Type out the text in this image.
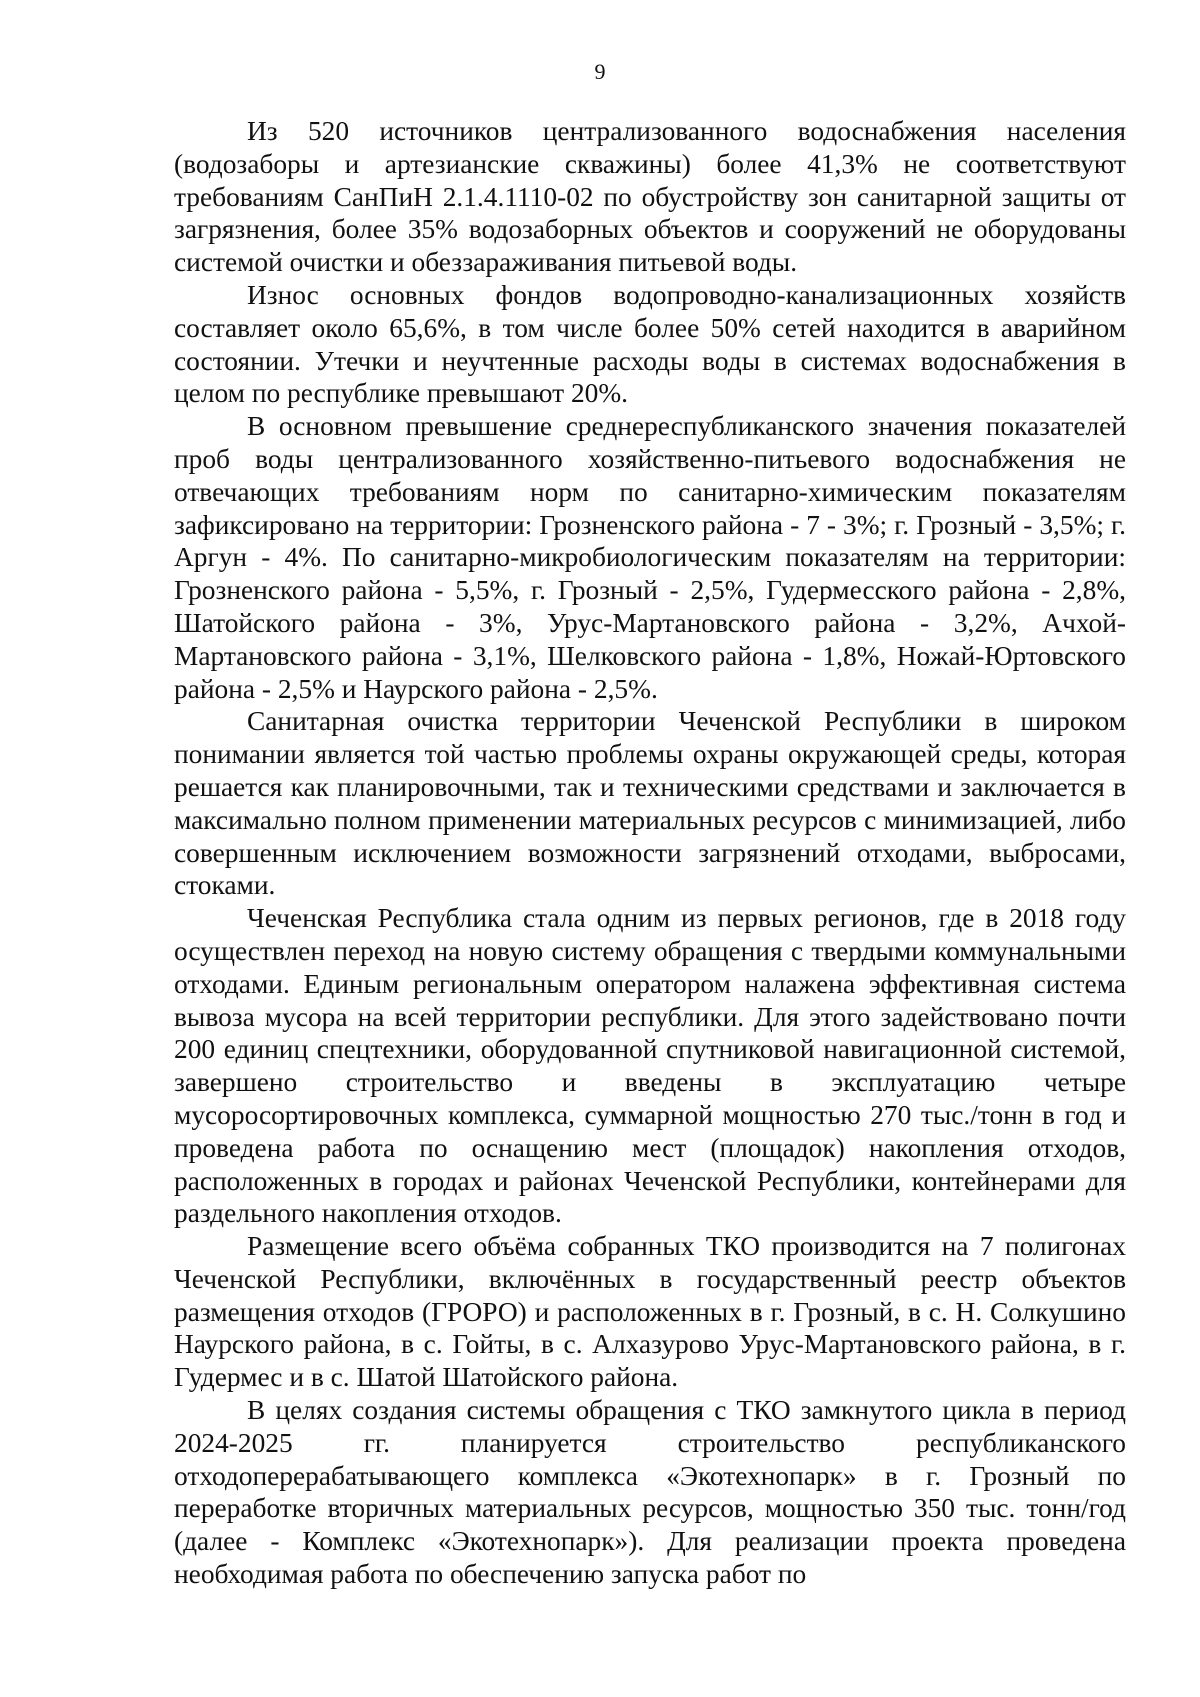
9

Из 520 источников централизованного водоснабжения населения (водозаборы и артезианские скважины) более 41,3% не соответствуют требованиям СанПиН 2.1.4.1110-02 по обустройству зон санитарной защиты от загрязнения, более 35% водозаборных объектов и сооружений не оборудованы системой очистки и обеззараживания питьевой воды.

Износ основных фондов водопроводно-канализационных хозяйств составляет около 65,6%, в том числе более 50% сетей находится в аварийном состоянии. Утечки и неучтенные расходы воды в системах водоснабжения в целом по республике превышают 20%.

В основном превышение среднереспубликанского значения показателей проб воды централизованного хозяйственно-питьевого водоснабжения не отвечающих требованиям норм по санитарно-химическим показателям зафиксировано на территории: Грозненского района - 7 - 3%; г. Грозный - 3,5%; г. Аргун - 4%. По санитарно-микробиологическим показателям на территории: Грозненского района - 5,5%, г. Грозный - 2,5%, Гудермесского района - 2,8%, Шатойского района - 3%, Урус-Мартановского района - 3,2%, Ачхой-Мартановского района - 3,1%, Шелковского района - 1,8%, Ножай-Юртовского района - 2,5% и Наурского района - 2,5%.

Санитарная очистка территории Чеченской Республики в широком понимании является той частью проблемы охраны окружающей среды, которая решается как планировочными, так и техническими средствами и заключается в максимально полном применении материальных ресурсов с минимизацией, либо совершенным исключением возможности загрязнений отходами, выбросами, стоками.

Чеченская Республика стала одним из первых регионов, где в 2018 году осуществлен переход на новую систему обращения с твердыми коммунальными отходами. Единым региональным оператором налажена эффективная система вывоза мусора на всей территории республики. Для этого задействовано почти 200 единиц спецтехники, оборудованной спутниковой навигационной системой, завершено строительство и введены в эксплуатацию четыре мусоросортировочных комплекса, суммарной мощностью 270 тыс./тонн в год и проведена работа по оснащению мест (площадок) накопления отходов, расположенных в городах и районах Чеченской Республики, контейнерами для раздельного накопления отходов.

Размещение всего объёма собранных ТКО производится на 7 полигонах Чеченской Республики, включённых в государственный реестр объектов размещения отходов (ГРОРО) и расположенных в г. Грозный, в с. Н. Солкушино Наурского района, в с. Гойты, в с. Алхазурово Урус-Мартановского района, в г. Гудермес и в с. Шатой Шатойского района.

В целях создания системы обращения с ТКО замкнутого цикла в период 2024-2025 гг. планируется строительство республиканского отходоперерабатывающего комплекса «Экотехнопарк» в г. Грозный по переработке вторичных материальных ресурсов, мощностью 350 тыс. тонн/год (далее - Комплекс «Экотехнопарк»). Для реализации проекта проведена необходимая работа по обеспечению запуска работ по
